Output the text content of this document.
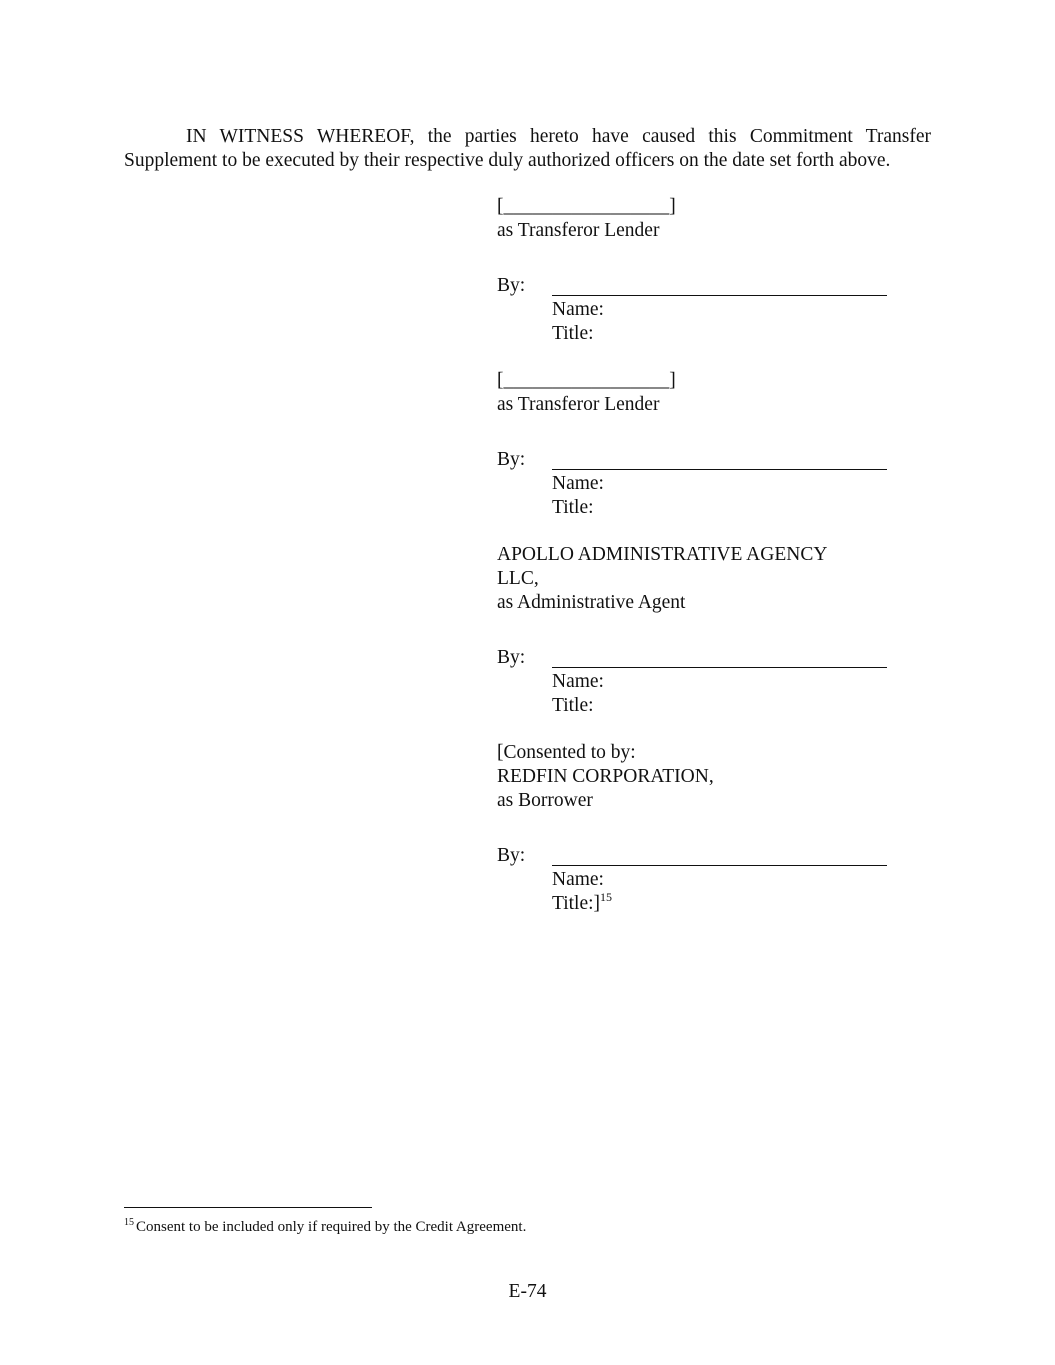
IN WITNESS WHEREOF, the parties hereto have caused this Commitment Transfer Supplement to be executed by their respective duly authorized officers on the date set forth above.

[_________________]
as Transferor Lender
By:
Name:
Title:
[_________________]
as Transferor Lender
By:
Name:
Title:
APOLLO ADMINISTRATIVE AGENCY
LLC,
as Administrative Agent
By:
Name:
Title:
[Consented to by:
REDFIN CORPORATION,
as Borrower
By:
Name:
Title:]$^{15}$
$^{15}$ Consent to be included only if required by the Credit Agreement.
E-74
